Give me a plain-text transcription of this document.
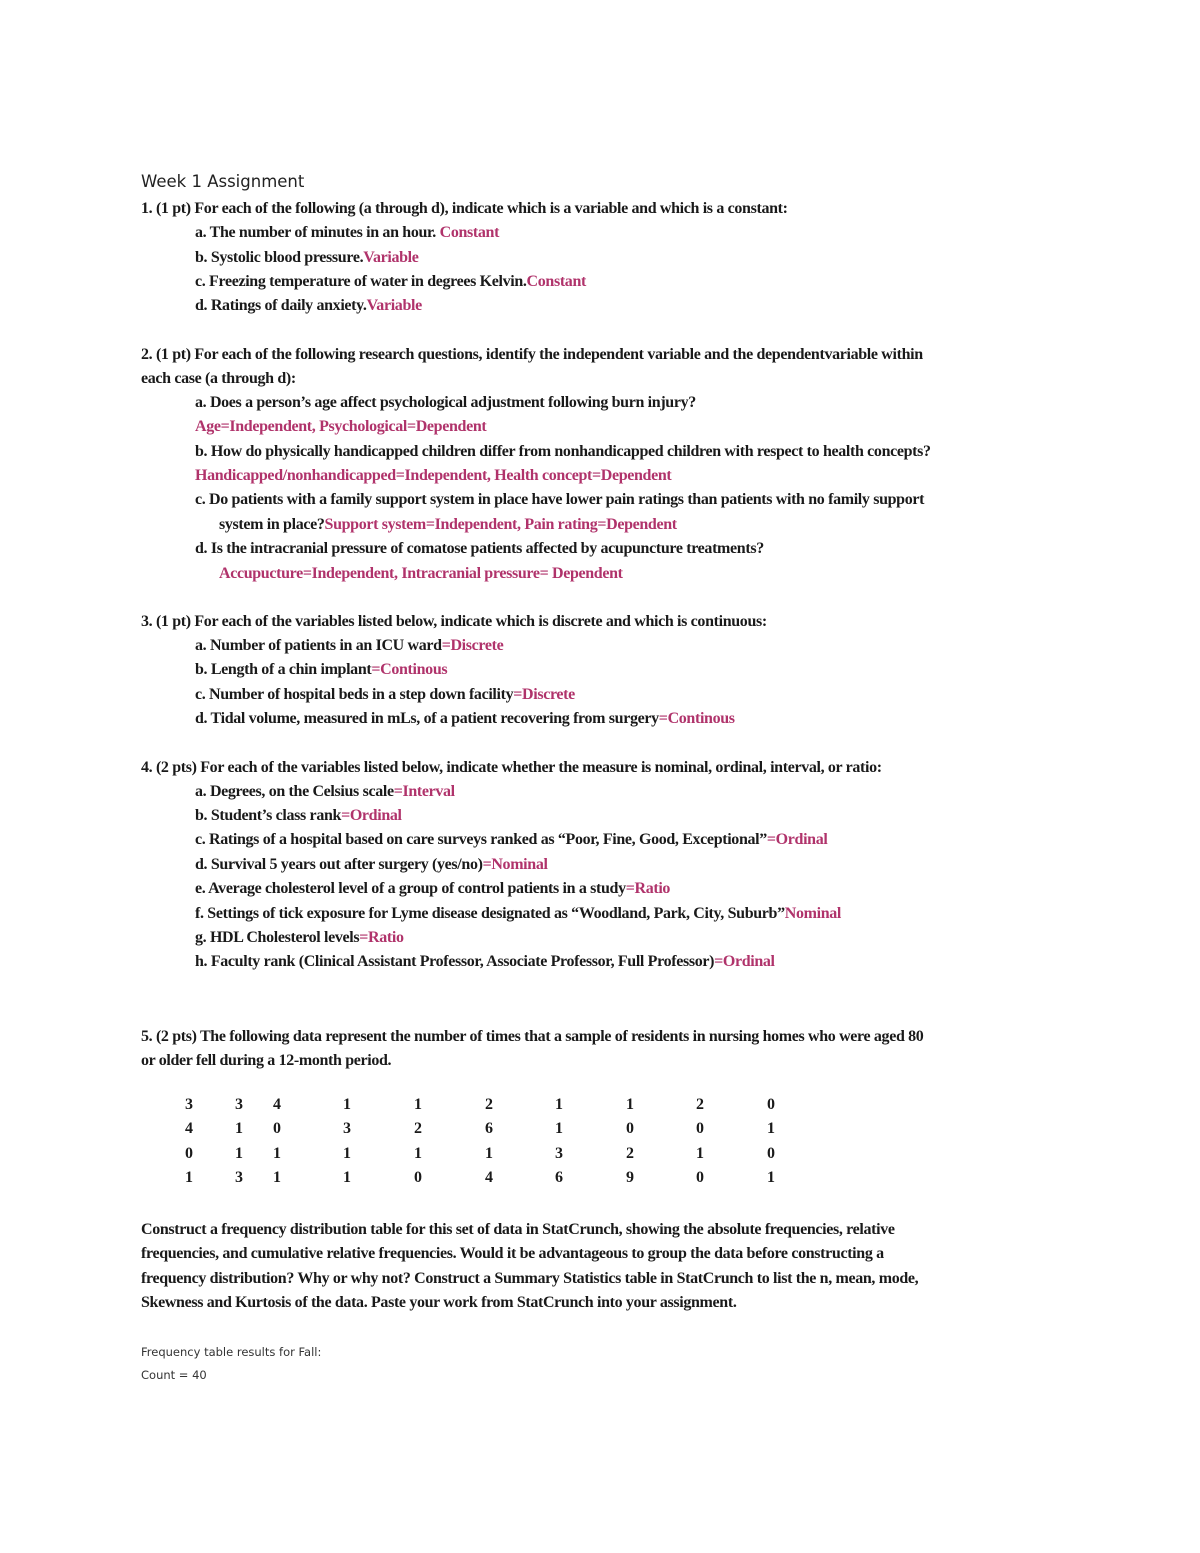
Week 1 Assignment
1. (1 pt) For each of the following (a through d), indicate which is a variable and which is a constant:
a. The number of minutes in an hour. Constant
b. Systolic blood pressure.Variable
c. Freezing temperature of water in degrees Kelvin.Constant
d. Ratings of daily anxiety.Variable
2. (1 pt) For each of the following research questions, identify the independent variable and the dependentvariable within
each case (a through d):
a. Does a person’s age affect psychological adjustment following burn injury?
Age=Independent, Psychological=Dependent
b. How do physically handicapped children differ from nonhandicapped children with respect to health concepts?
Handicapped/nonhandicapped=Independent, Health concept=Dependent
c. Do patients with a family support system in place have lower pain ratings than patients with no family support
system in place?Support system=Independent, Pain rating=Dependent
d. Is the intracranial pressure of comatose patients affected by acupuncture treatments?
Accupucture=Independent, Intracranial pressure= Dependent
3. (1 pt) For each of the variables listed below, indicate which is discrete and which is continuous:
a. Number of patients in an ICU ward=Discrete
b. Length of a chin implant=Continous
c. Number of hospital beds in a step down facility=Discrete
d. Tidal volume, measured in mLs, of a patient recovering from surgery=Continous
4. (2 pts) For each of the variables listed below, indicate whether the measure is nominal, ordinal, interval, or ratio:
a. Degrees, on the Celsius scale=Interval
b. Student’s class rank=Ordinal
c. Ratings of a hospital based on care surveys ranked as “Poor, Fine, Good, Exceptional”=Ordinal
d. Survival 5 years out after surgery (yes/no)=Nominal
e. Average cholesterol level of a group of control patients in a study=Ratio
f. Settings of tick exposure for Lyme disease designated as “Woodland, Park, City, Suburb”Nominal
g. HDL Cholesterol levels=Ratio
h. Faculty rank (Clinical Assistant Professor, Associate Professor, Full Professor)=Ordinal
5. (2 pts) The following data represent the number of times that a sample of residents in nursing homes who were aged 80
or older fell during a 12-month period.
3	3	4	1	1	2	1	1	2	0
4	1	0	3	2	6	1	0	0	1
0	1	1	1	1	1	3	2	1	0
1	3	1	1	0	4	6	9	0	1
Construct a frequency distribution table for this set of data in StatCrunch, showing the absolute frequencies, relative
frequencies, and cumulative relative frequencies. Would it be advantageous to group the data before constructing a
frequency distribution? Why or why not? Construct a Summary Statistics table in StatCrunch to list the n, mean, mode,
Skewness and Kurtosis of the data. Paste your work from StatCrunch into your assignment.
Frequency table results for Fall:
Count = 40
